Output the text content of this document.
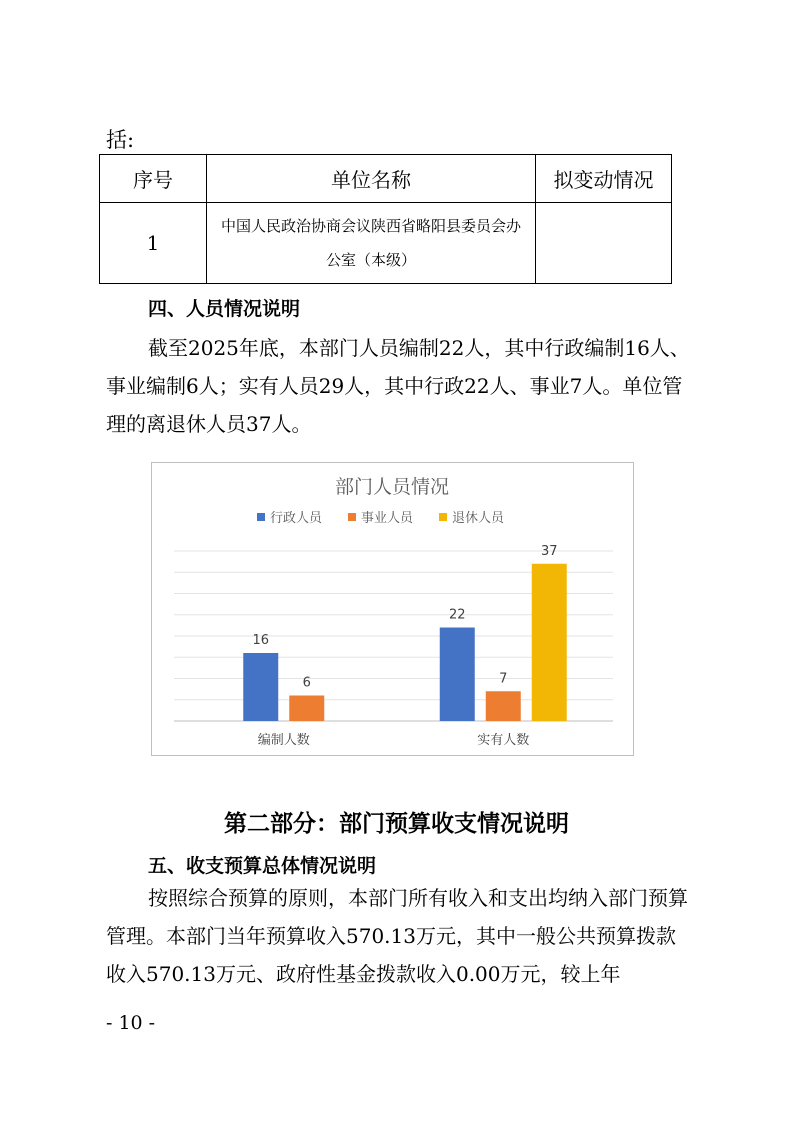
括:
序号	单位名称	拟变动情况
1	中国人民政治协商会议陕西省略阳县委员会办公室（本级）	
四、人员情况说明
截至2025年底，本部门人员编制22人，其中行政编制16人、事业编制6人；实有人员29人，其中行政22人、事业7人。单位管理的离退休人员37人。
部门人员情况
行政人员	事业人员	退休人员
16
6
编制人数
22
7
37
实有人数
第二部分：部门预算收支情况说明
五、收支预算总体情况说明
按照综合预算的原则，本部门所有收入和支出均纳入部门预算管理。本部门当年预算收入570.13万元，其中一般公共预算拨款收入570.13万元、政府性基金拨款收入0.00万元，较上年
- 10 -
